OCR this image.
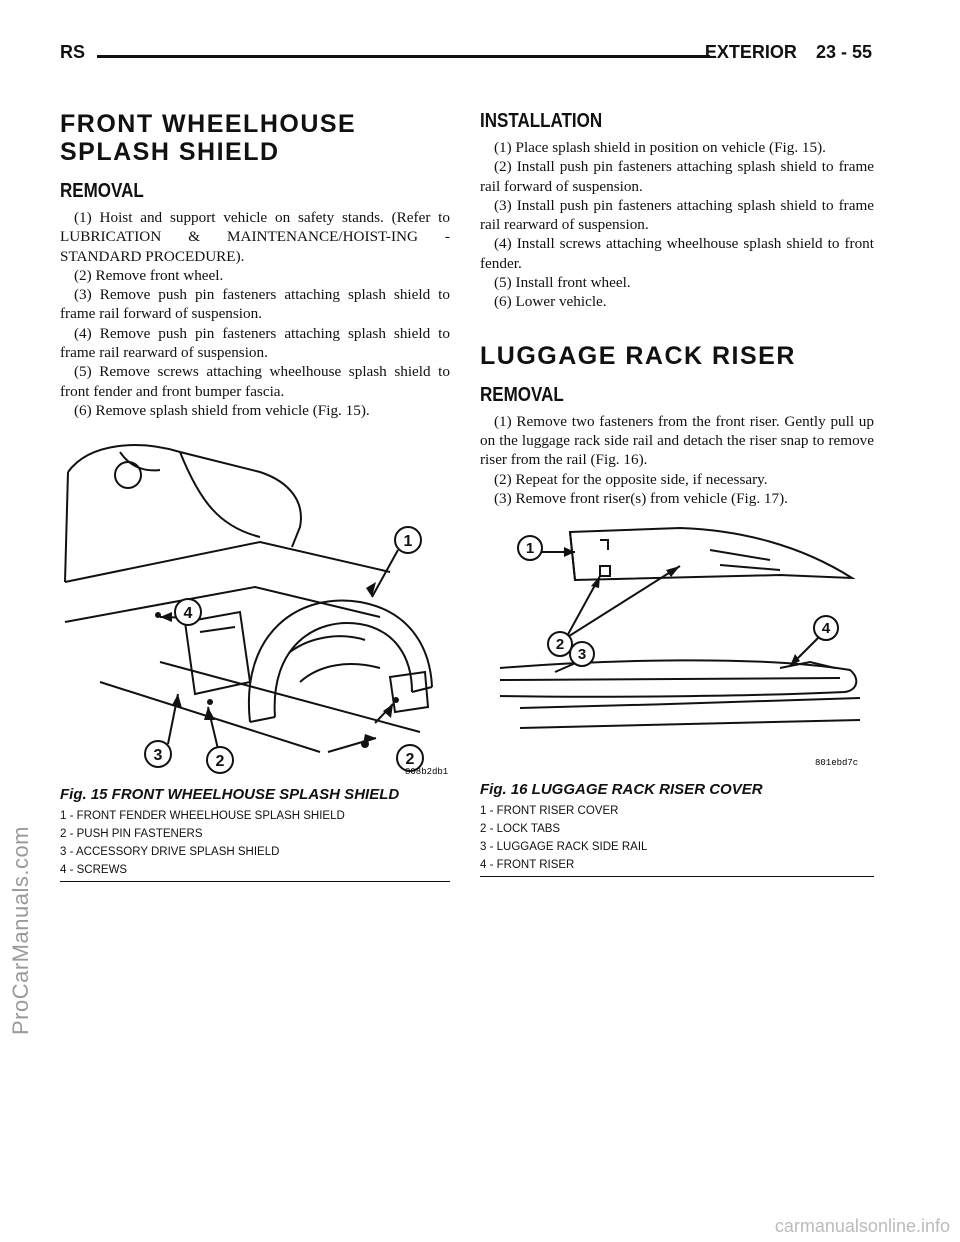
RS	EXTERIOR 23 - 55
ProCarManuals.com
carmanualsonline.info
FRONT WHEELHOUSE
SPLASH SHIELD
REMOVAL

(1) Hoist and support vehicle on safety stands. (Refer to LUBRICATION & MAINTENANCE/HOIST-ING - STANDARD PROCEDURE).

(2) Remove front wheel.

(3) Remove push pin fasteners attaching splash shield to frame rail forward of suspension.

(4) Remove push pin fasteners attaching splash shield to frame rail rearward of suspension.

(5) Remove screws attaching wheelhouse splash shield to front fender and front bumper fascia.

(6) Remove splash shield from vehicle (Fig. 15).

1
4
3	2	2
808b2db1
Fig. 15 FRONT WHEELHOUSE SPLASH SHIELD
1 - FRONT FENDER WHEELHOUSE SPLASH SHIELD
2 - PUSH PIN FASTENERS
3 - ACCESSORY DRIVE SPLASH SHIELD
4 - SCREWS
INSTALLATION

(1) Place splash shield in position on vehicle (Fig. 15).

(2) Install push pin fasteners attaching splash shield to frame rail forward of suspension.

(3) Install push pin fasteners attaching splash shield to frame rail rearward of suspension.

(4) Install screws attaching wheelhouse splash shield to front fender.

(5) Install front wheel.

(6) Lower vehicle.

LUGGAGE RACK RISER
REMOVAL

(1) Remove two fasteners from the front riser. Gently pull up on the luggage rack side rail and detach the riser snap to remove riser from the rail (Fig. 16).

(2) Repeat for the opposite side, if necessary.

(3) Remove front riser(s) from vehicle (Fig. 17).

1
2
3
4
801ebd7c
Fig. 16 LUGGAGE RACK RISER COVER
1 - FRONT RISER COVER
2 - LOCK TABS
3 - LUGGAGE RACK SIDE RAIL
4 - FRONT RISER
